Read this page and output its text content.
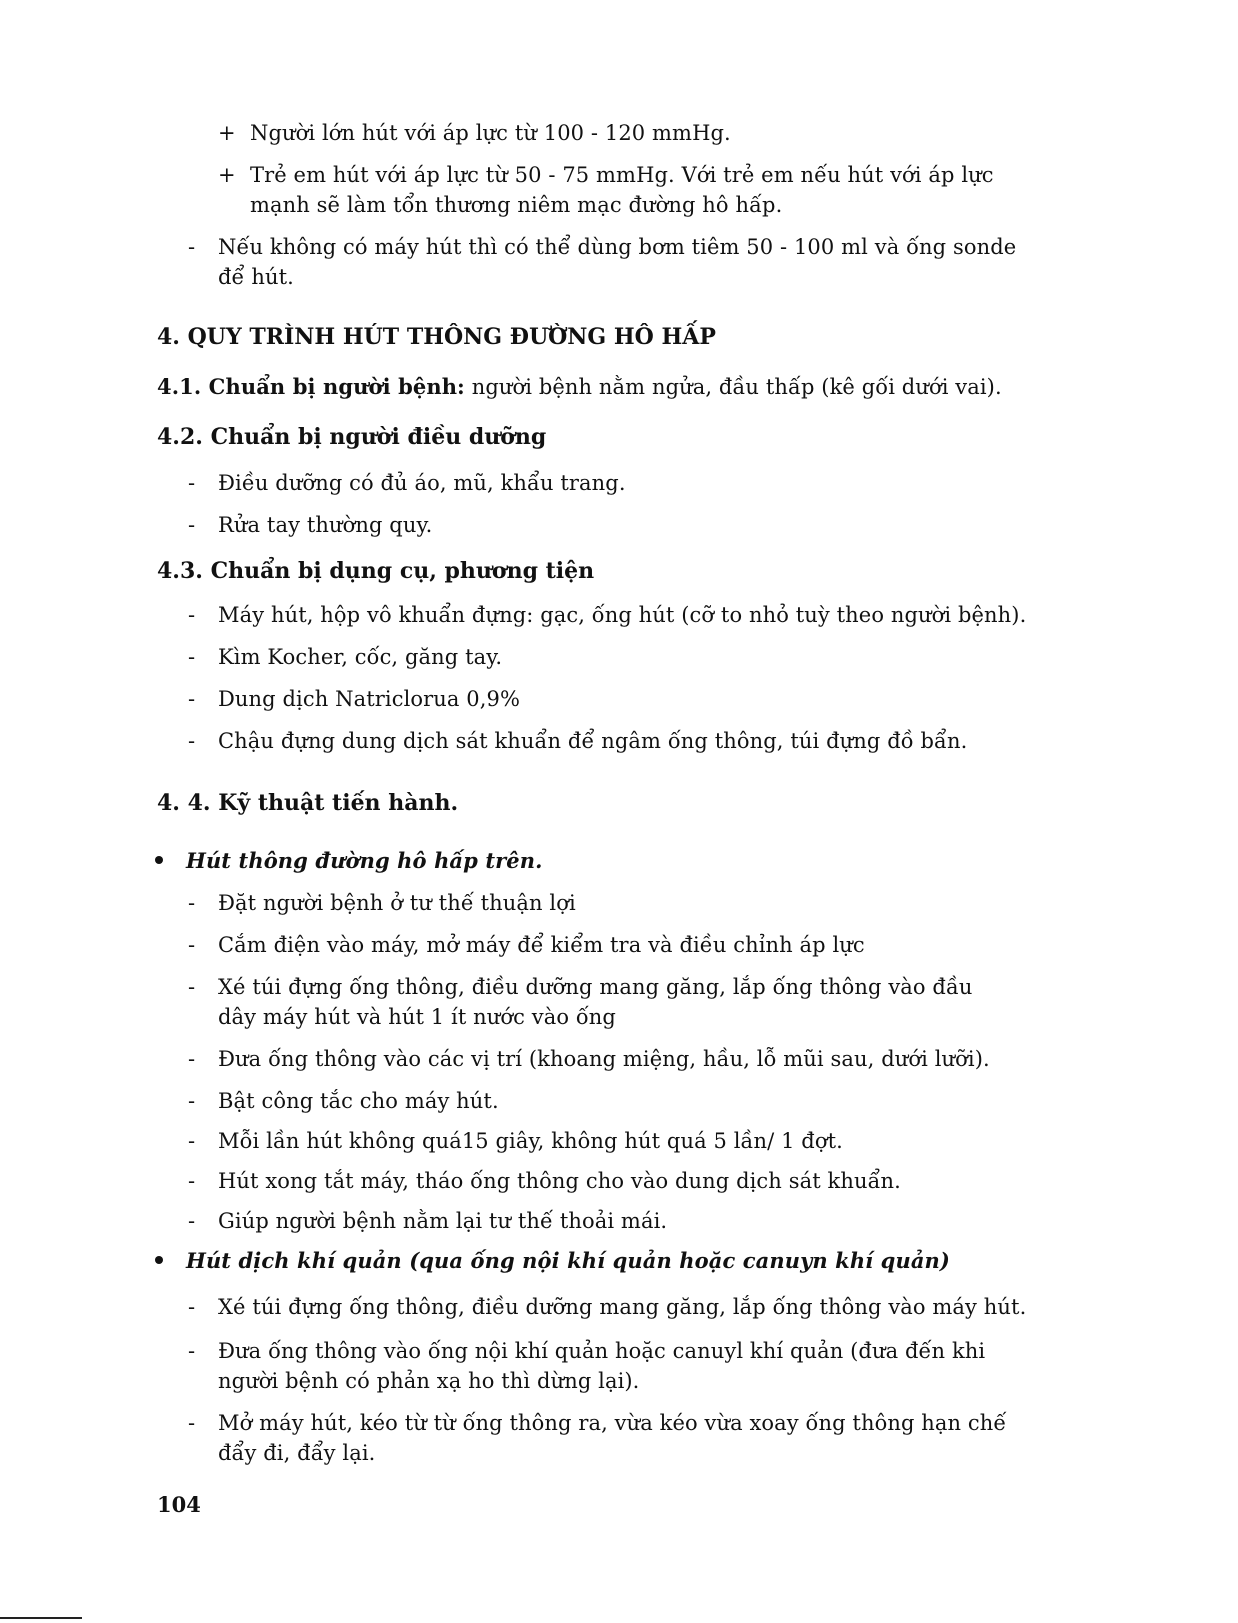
+ Người lớn hút với áp lực từ 100 - 120 mmHg.
+ Trẻ em hút với áp lực từ 50 - 75 mmHg. Với trẻ em nếu hút với áp lực
mạnh sẽ làm tổn thương niêm mạc đường hô hấp.
- Nếu không có máy hút thì có thể dùng bơm tiêm 50 - 100 ml và ống sonde
để hút.
4. QUY TRÌNH HÚT THÔNG ĐƯỜNG HÔ HẤP
4.1. Chuẩn bị người bệnh: người bệnh nằm ngửa, đầu thấp (kê gối dưới vai).
4.2. Chuẩn bị người điều dưỡng
- Điều dưỡng có đủ áo, mũ, khẩu trang.
- Rửa tay thường quy.
4.3. Chuẩn bị dụng cụ, phương tiện
- Máy hút, hộp vô khuẩn đựng: gạc, ống hút (cỡ to nhỏ tuỳ theo người bệnh).
- Kìm Kocher, cốc, găng tay.
- Dung dịch Natriclorua 0,9%
- Chậu đựng dung dịch sát khuẩn để ngâm ống thông, túi đựng đồ bẩn.
4. 4. Kỹ thuật tiến hành.
Hút thông đường hô hấp trên.
- Đặt người bệnh ở tư thế thuận lợi
- Cắm điện vào máy, mở máy để kiểm tra và điều chỉnh áp lực
- Xé túi đựng ống thông, điều dưỡng mang găng, lắp ống thông vào đầu
dây máy hút và hút 1 ít nước vào ống
- Đưa ống thông vào các vị trí (khoang miệng, hầu, lỗ mũi sau, dưới lưỡi).
- Bật công tắc cho máy hút.
- Mỗi lần hút không quá15 giây, không hút quá 5 lần/ 1 đợt.
- Hút xong tắt máy, tháo ống thông cho vào dung dịch sát khuẩn.
- Giúp người bệnh nằm lại tư thế thoải mái.
Hút dịch khí quản (qua ống nội khí quản hoặc canuyn khí quản)
- Xé túi đựng ống thông, điều dưỡng mang găng, lắp ống thông vào máy hút.
- Đưa ống thông vào ống nội khí quản hoặc canuyl khí quản (đưa đến khi
người bệnh có phản xạ ho thì dừng lại).
- Mở máy hút, kéo từ từ ống thông ra, vừa kéo vừa xoay ống thông hạn chế
đẩy đi, đẩy lại.
104
